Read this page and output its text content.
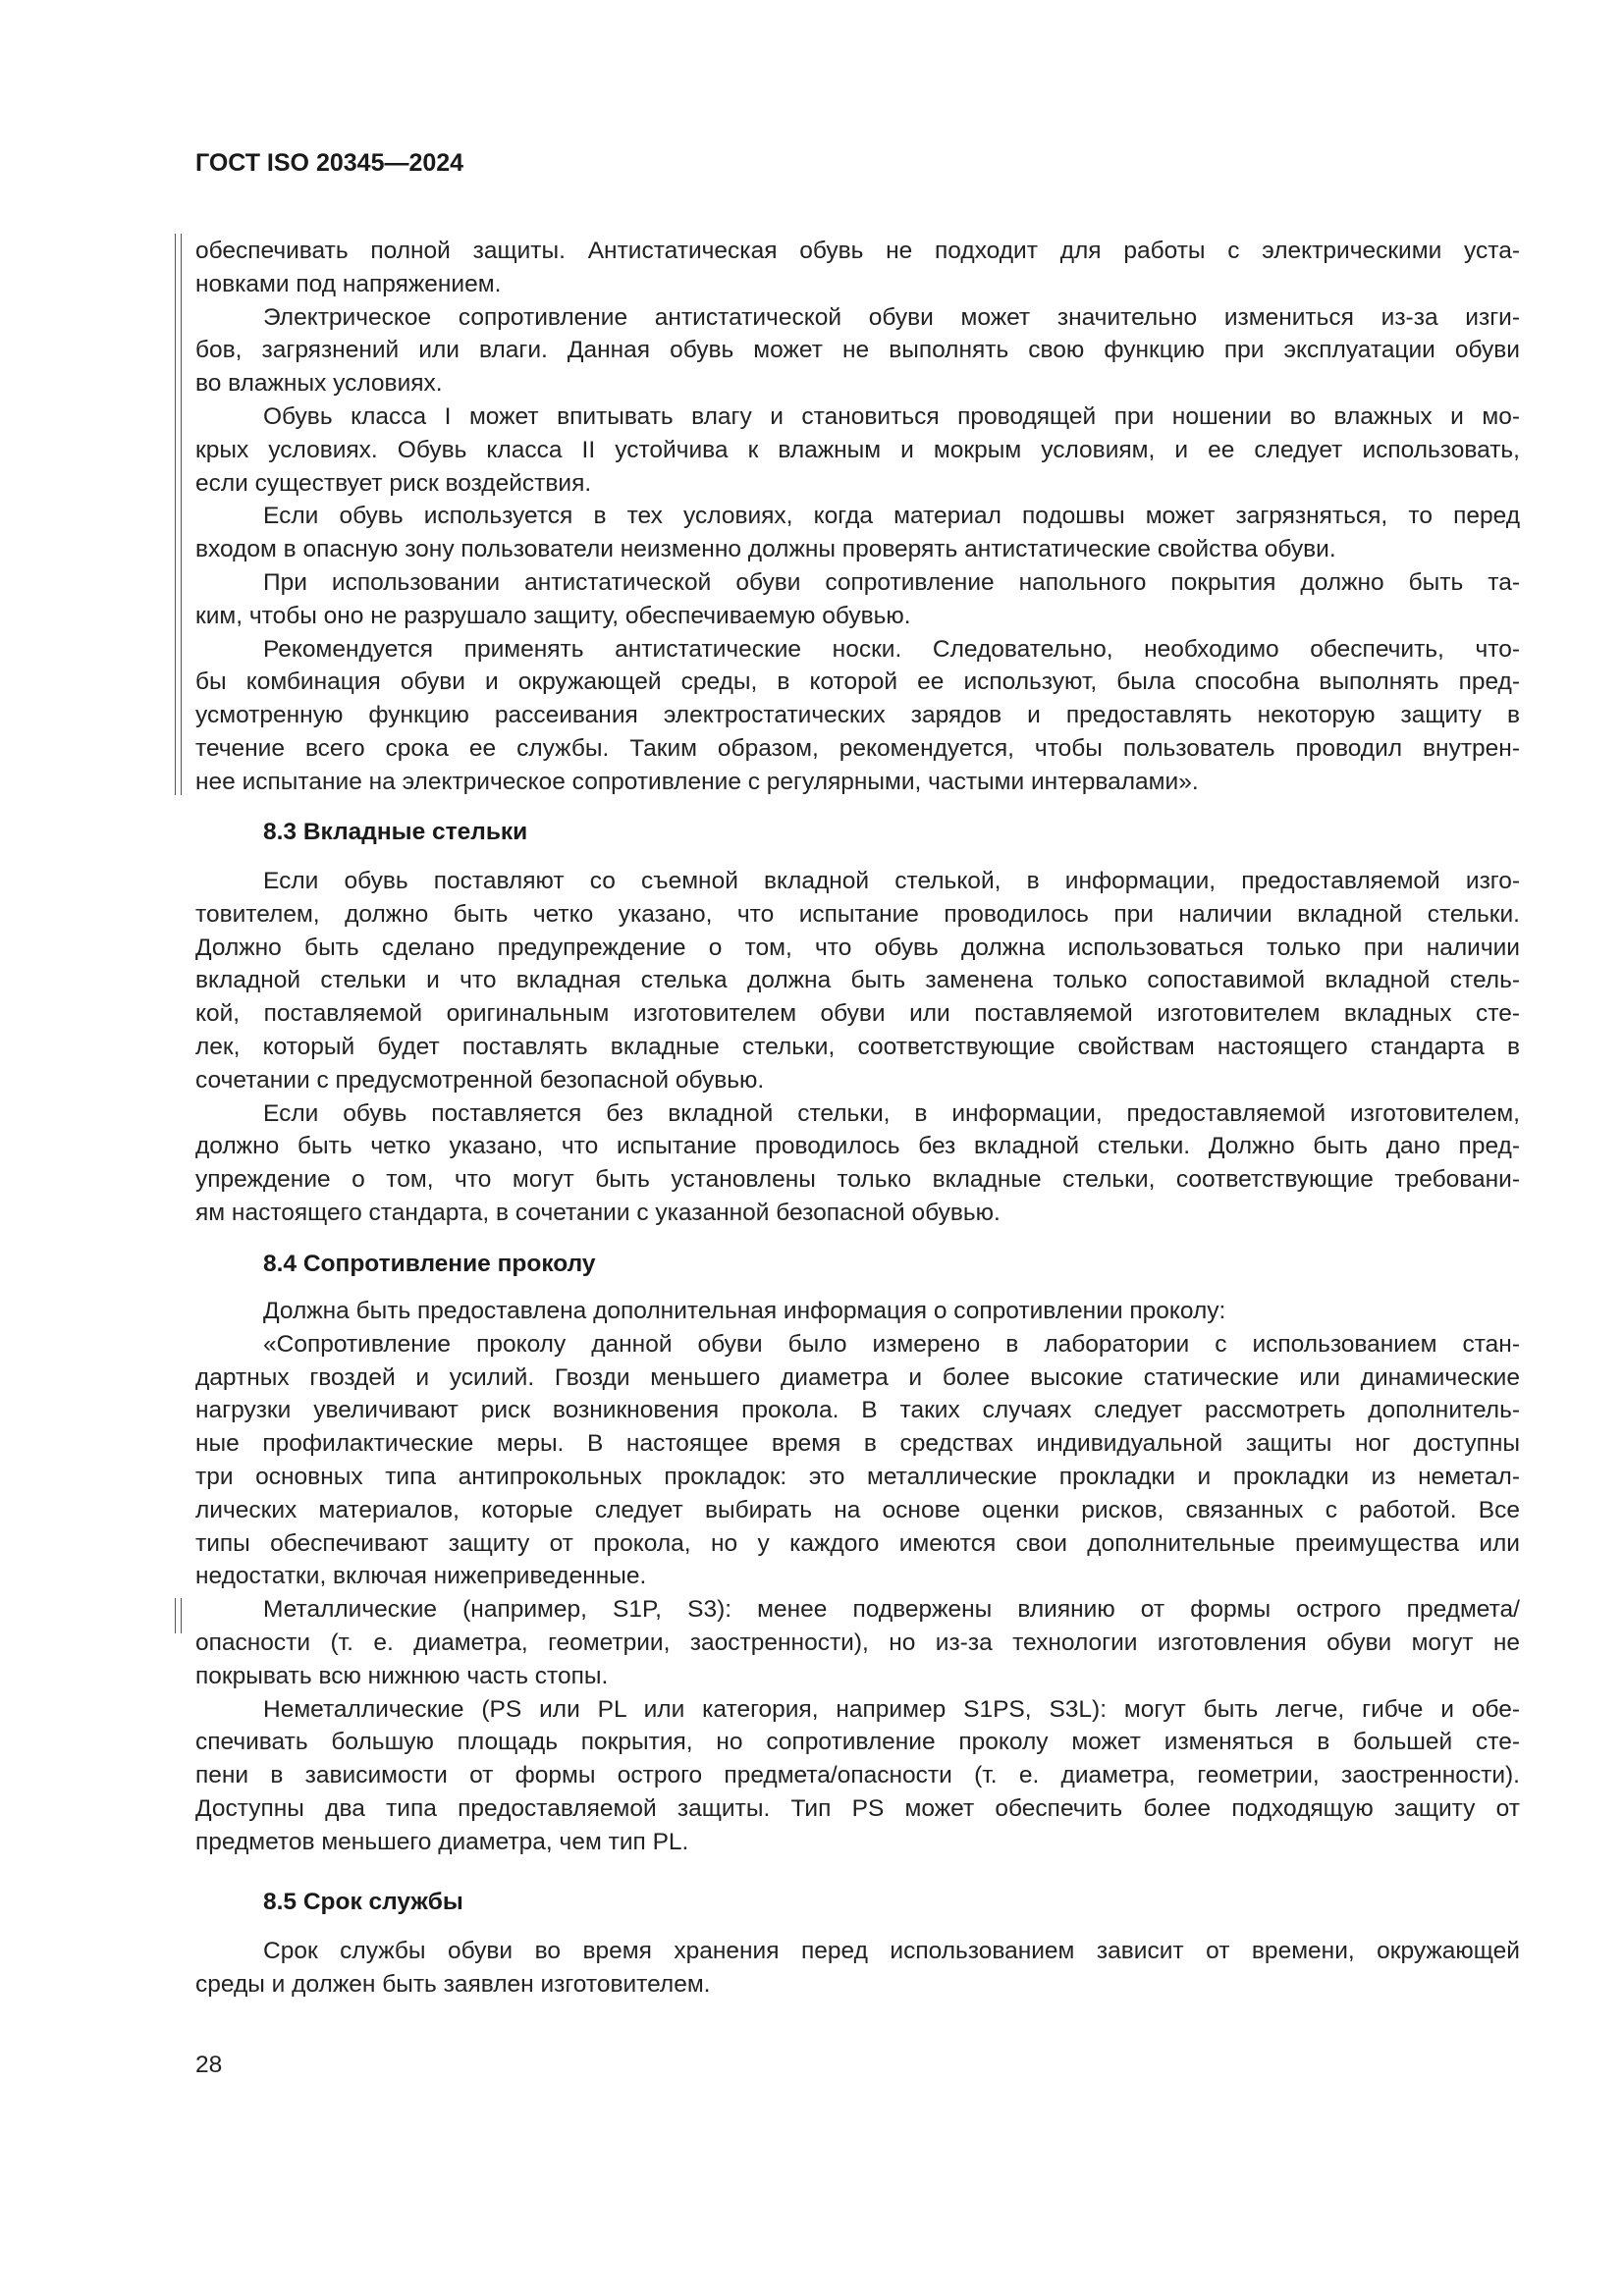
ГОСТ ISO 20345—2024
обеспечивать полной защиты. Антистатическая обувь не подходит для работы с электрическими уста-
новками под напряжением.
Электрическое сопротивление антистатической обуви может значительно измениться из-за изги-
бов, загрязнений или влаги. Данная обувь может не выполнять свою функцию при эксплуатации обуви
во влажных условиях.
Обувь класса I может впитывать влагу и становиться проводящей при ношении во влажных и мо-
крых условиях. Обувь класса II устойчива к влажным и мокрым условиям, и ее следует использовать,
если существует риск воздействия.
Если обувь используется в тех условиях, когда материал подошвы может загрязняться, то перед
входом в опасную зону пользователи неизменно должны проверять антистатические свойства обуви.
При использовании антистатической обуви сопротивление напольного покрытия должно быть та-
ким, чтобы оно не разрушало защиту, обеспечиваемую обувью.
Рекомендуется применять антистатические носки. Следовательно, необходимо обеспечить, что-
бы комбинация обуви и окружающей среды, в которой ее используют, была способна выполнять пред-
усмотренную функцию рассеивания электростатических зарядов и предоставлять некоторую защиту в
течение всего срока ее службы. Таким образом, рекомендуется, чтобы пользователь проводил внутрен-
нее испытание на электрическое сопротивление с регулярными, частыми интервалами».
8.3 Вкладные стельки
Если обувь поставляют со съемной вкладной стелькой, в информации, предоставляемой изго-
товителем, должно быть четко указано, что испытание проводилось при наличии вкладной стельки.
Должно быть сделано предупреждение о том, что обувь должна использоваться только при наличии
вкладной стельки и что вкладная стелька должна быть заменена только сопоставимой вкладной стель-
кой, поставляемой оригинальным изготовителем обуви или поставляемой изготовителем вкладных сте-
лек, который будет поставлять вкладные стельки, соответствующие свойствам настоящего стандарта в
сочетании с предусмотренной безопасной обувью.
Если обувь поставляется без вкладной стельки, в информации, предоставляемой изготовителем,
должно быть четко указано, что испытание проводилось без вкладной стельки. Должно быть дано пред-
упреждение о том, что могут быть установлены только вкладные стельки, соответствующие требовани-
ям настоящего стандарта, в сочетании с указанной безопасной обувью.
8.4 Сопротивление проколу
Должна быть предоставлена дополнительная информация о сопротивлении проколу:
«Сопротивление проколу данной обуви было измерено в лаборатории с использованием стан-
дартных гвоздей и усилий. Гвозди меньшего диаметра и более высокие статические или динамические
нагрузки увеличивают риск возникновения прокола. В таких случаях следует рассмотреть дополнитель-
ные профилактические меры. В настоящее время в средствах индивидуальной защиты ног доступны
три основных типа антипрокольных прокладок: это металлические прокладки и прокладки из неметал-
лических материалов, которые следует выбирать на основе оценки рисков, связанных с работой. Все
типы обеспечивают защиту от прокола, но у каждого имеются свои дополнительные преимущества или
недостатки, включая нижеприведенные.
Металлические (например, S1P, S3): менее подвержены влиянию от формы острого предмета/
опасности (т. е. диаметра, геометрии, заостренности), но из-за технологии изготовления обуви могут не
покрывать всю нижнюю часть стопы.
Неметаллические (PS или PL или категория, например S1PS, S3L): могут быть легче, гибче и обе-
спечивать большую площадь покрытия, но сопротивление проколу может изменяться в большей сте-
пени в зависимости от формы острого предмета/опасности (т. е. диаметра, геометрии, заостренности).
Доступны два типа предоставляемой защиты. Тип PS может обеспечить более подходящую защиту от
предметов меньшего диаметра, чем тип PL.
8.5 Срок службы
Срок службы обуви во время хранения перед использованием зависит от времени, окружающей
среды и должен быть заявлен изготовителем.
28
